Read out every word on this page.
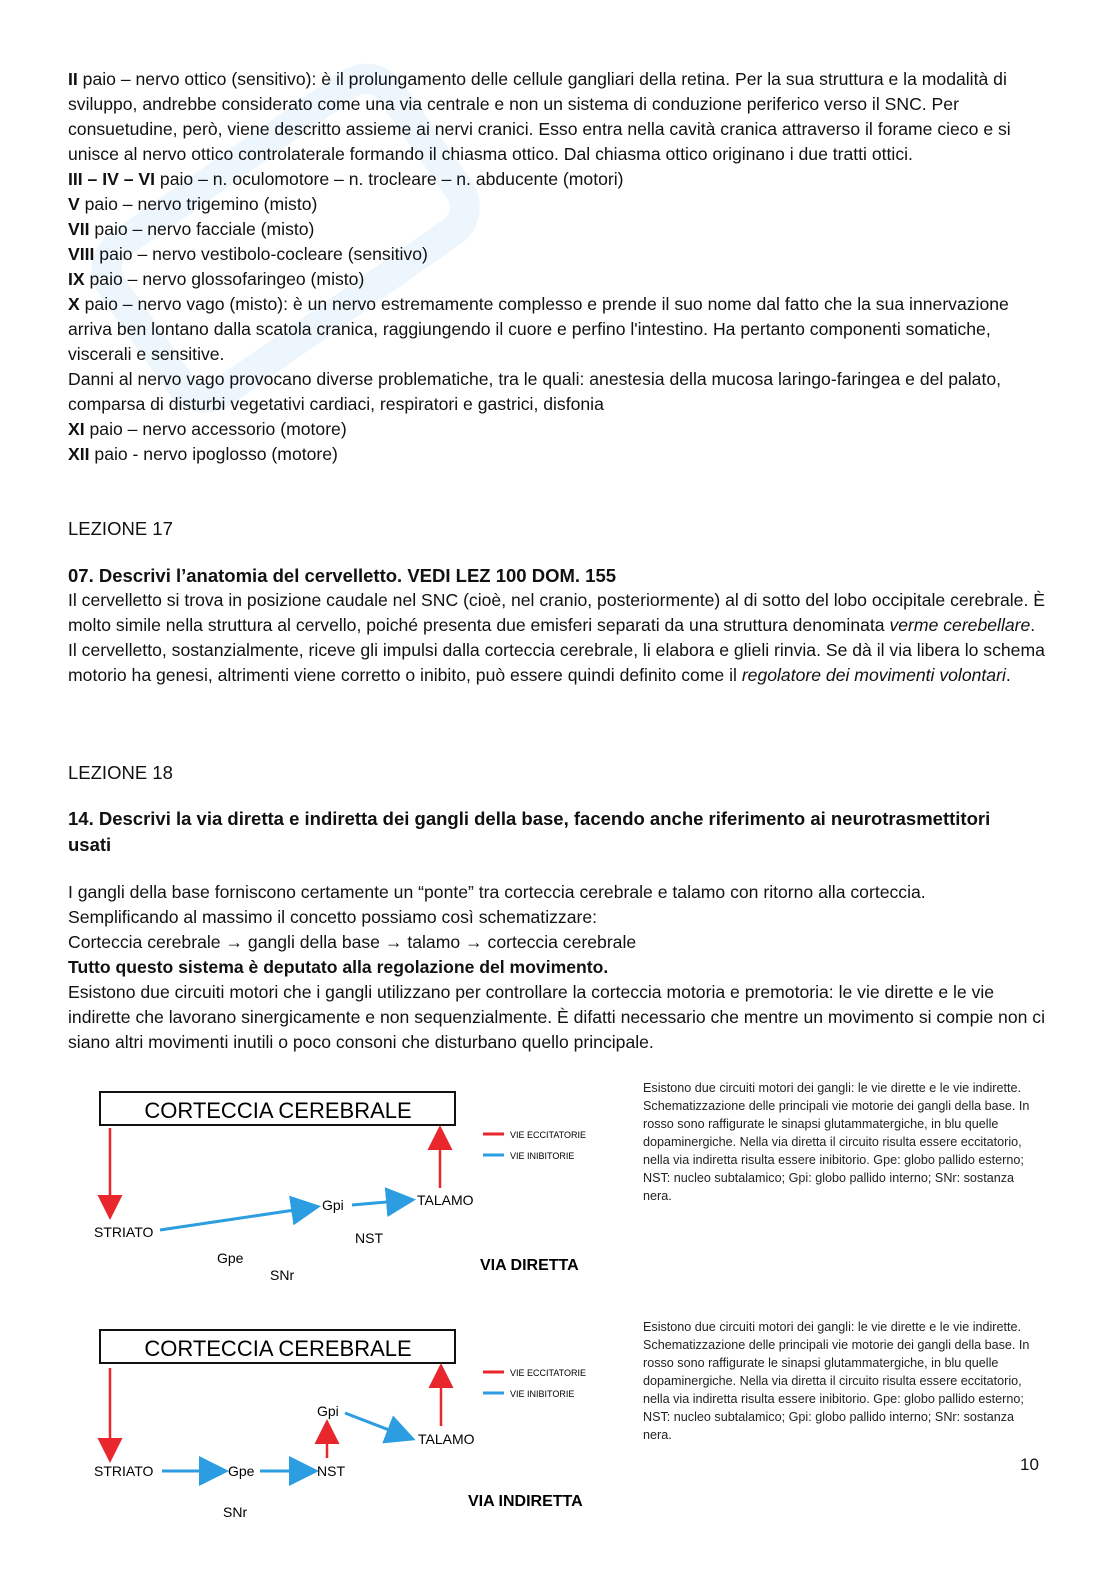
II paio – nervo ottico (sensitivo): è il prolungamento delle cellule gangliari della retina. Per la sua struttura e la modalità di sviluppo, andrebbe considerato come una via centrale e non un sistema di conduzione periferico verso il SNC. Per consuetudine, però, viene descritto assieme ai nervi cranici. Esso entra nella cavità cranica attraverso il forame cieco e si unisce al nervo ottico controlaterale formando il chiasma ottico. Dal chiasma ottico originano i due tratti ottici.

III – IV – VI paio – n. oculomotore – n. trocleare – n. abducente (motori)

V paio – nervo trigemino (misto)

VII paio – nervo facciale (misto)

VIII paio – nervo vestibolo-cocleare (sensitivo)

IX paio – nervo glossofaringeo (misto)

X paio – nervo vago (misto): è un nervo estremamente complesso e prende il suo nome dal fatto che la sua innervazione arriva ben lontano dalla scatola cranica, raggiungendo il cuore e perfino l'intestino. Ha pertanto componenti somatiche, viscerali e sensitive.

Danni al nervo vago provocano diverse problematiche, tra le quali: anestesia della mucosa laringo-faringea e del palato, comparsa di disturbi vegetativi cardiaci, respiratori e gastrici, disfonia

XI paio – nervo accessorio (motore)

XII paio - nervo ipoglosso (motore)

LEZIONE 17
07. Descrivi l’anatomia del cervelletto. VEDI LEZ 100 DOM. 155

Il cervelletto si trova in posizione caudale nel SNC (cioè, nel cranio, posteriormente) al di sotto del lobo occipitale cerebrale. È molto simile nella struttura al cervello, poiché presenta due emisferi separati da una struttura denominata verme cerebellare.

Il cervelletto, sostanzialmente, riceve gli impulsi dalla corteccia cerebrale, li elabora e glieli rinvia. Se dà il via libera lo schema motorio ha genesi, altrimenti viene corretto o inibito, può essere quindi definito come il regolatore dei movimenti volontari.

LEZIONE 18
14. Descrivi la via diretta e indiretta dei gangli della base, facendo anche riferimento ai neurotrasmettitori usati

I gangli della base forniscono certamente un “ponte” tra corteccia cerebrale e talamo con ritorno alla corteccia.

Semplificando al massimo il concetto possiamo così schematizzare:

Corteccia cerebrale → gangli della base → talamo → corteccia cerebrale

Tutto questo sistema è deputato alla regolazione del movimento.

Esistono due circuiti motori che i gangli utilizzano per controllare la corteccia motoria e premotoria: le vie dirette e le vie indirette che lavorano sinergicamente e non sequenzialmente. È difatti necessario che mentre un movimento si compie non ci siano altri movimenti inutili o poco consoni che disturbano quello principale.

CORTECCIA CEREBRALE
STRIATO
Gpi	TALAMO
NST
Gpe
SNr
VIE ECCITATORIE
VIE INIBITORIE
VIA DIRETTA
Esistono due circuiti motori dei gangli: le vie dirette e le vie indirette. Schematizzazione delle principali vie motorie dei gangli della base. In rosso sono raffigurate le sinapsi glutammatergiche, in blu quelle dopaminergiche. Nella via diretta il circuito risulta essere eccitatorio, nella via indiretta risulta essere inibitorio. Gpe: globo pallido esterno; NST: nucleo subtalamico; Gpi: globo pallido interno; SNr: sostanza nera.
CORTECCIA CEREBRALE
STRIATO	Gpe	NST
Gpi
TALAMO
SNr
VIE ECCITATORIE
VIE INIBITORIE
VIA INDIRETTA
Esistono due circuiti motori dei gangli: le vie dirette e le vie indirette. Schematizzazione delle principali vie motorie dei gangli della base. In rosso sono raffigurate le sinapsi glutammatergiche, in blu quelle dopaminergiche. Nella via diretta il circuito risulta essere eccitatorio, nella via indiretta risulta essere inibitorio. Gpe: globo pallido esterno; NST: nucleo subtalamico; Gpi: globo pallido interno; SNr: sostanza nera.
10
